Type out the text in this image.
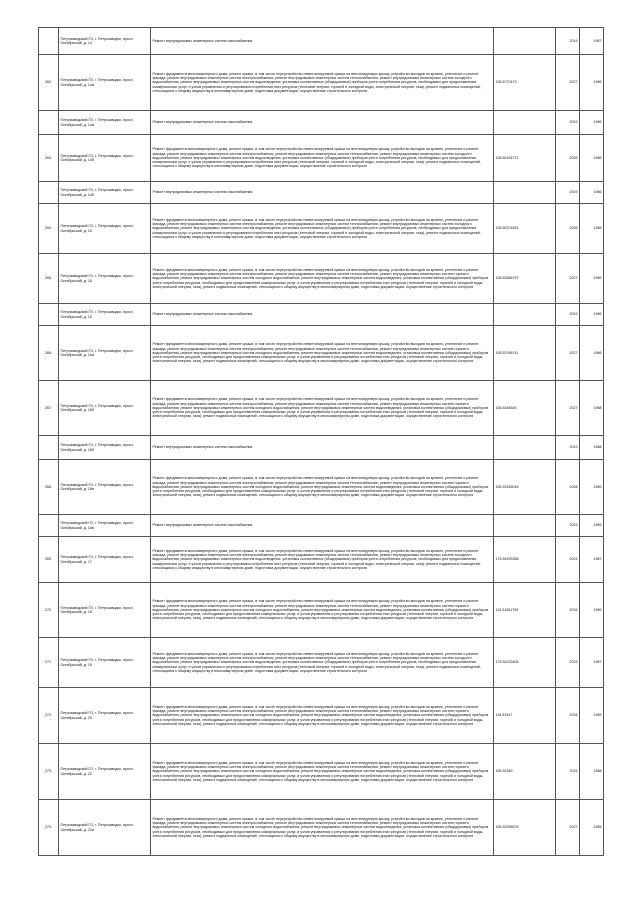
	Петрозаводский ГО, г. Петрозаводск, просп. Октябрьский, д. 14	Ремонт внутридомовых инженерных систем газоснабжения		2019	1987
262.	Петрозаводский ГО, г. Петрозаводск, просп. Октябрьский, д. 14а	Ремонт фундамента многоквартирного дома, ремонт крыши, в том числе переустройство невентилируемой крыши на вентилируемую крышу, устройство выходов на кровлю, утепление и ремонт фасада, ремонт внутридомовых инженерных систем электроснабжения, ремонт внутридомовых инженерных систем теплоснабжения, ремонт внутридомовых инженерных систем холодного водоснабжения, ремонт внутридомовых инженерных систем водоотведения, установка коллективных (общедомовых) приборов учета потребления ресурсов, необходимых для предоставления коммунальных услуг, и узлов управления и регулирования потребления этих ресурсов (тепловой энергии, горячей и холодной воды, электрической энергии, газа), ремонт подвальных помещений, относящихся к общему имуществу в многоквартирном доме, подготовка документации, осуществление строительного контроля	155.5770473	2027	1985
	Петрозаводский ГО, г. Петрозаводск, просп. Октябрьский, д. 14а	Ремонт внутридомовых инженерных систем газоснабжения		2019	1985
263.	Петрозаводский ГО, г. Петрозаводск, просп. Октябрьский, д. 14б	Ремонт фундамента многоквартирного дома, ремонт крыши, в том числе переустройство невентилируемой крыши на вентилируемую крышу, устройство выходов на кровлю, утепление и ремонт фасада, ремонт внутридомовых инженерных систем электроснабжения, ремонт внутридомовых инженерных систем теплоснабжения, ремонт внутридомовых инженерных систем холодного водоснабжения, ремонт внутридомовых инженерных систем водоотведения, установка коллективных (общедомовых) приборов учета потребления ресурсов, необходимых для предоставления коммунальных услуг, и узлов управления и регулирования потребления этих ресурсов (тепловой энергии, горячей и холодной воды, электрической энергии, газа), ремонт подвальных помещений, относящихся к общему имуществу в многоквартирном доме, подготовка документации, осуществление строительного контроля	155.50164737	2026	1986
	Петрозаводский ГО, г. Петрозаводск, просп. Октябрьский, д. 14б	Ремонт внутридомовых инженерных систем газоснабжения		2019	1986
264.	Петрозаводский ГО, г. Петрозаводск, просп. Октябрьский, д. 15	Ремонт фундамента многоквартирного дома, ремонт крыши, в том числе переустройство невентилируемой крыши на вентилируемую крышу, устройство выходов на кровлю, утепление и ремонт фасада, ремонт внутридомовых инженерных систем электроснабжения, ремонт внутридомовых инженерных систем теплоснабжения, ремонт внутридомовых инженерных систем холодного водоснабжения, ремонт внутридомовых инженерных систем водоотведения, установка коллективных (общедомовых) приборов учета потребления ресурсов, необходимых для предоставления коммунальных услуг, и узлов управления и регулирования потребления этих ресурсов (тепловой энергии, горячей и холодной воды, электрической энергии, газа), ремонт подвальных помещений, относящихся к общему имуществу в многоквартирном доме, подготовка документации, осуществление строительного контроля	155.55701651	2026	1988
265.	Петрозаводский ГО, г. Петрозаводск, просп. Октябрьский, д. 15	Ремонт фундамента многоквартирного дома, ремонт крыши, в том числе переустройство невентилируемой крыши на вентилируемую крышу, устройство выходов на кровлю, утепление и ремонт фасада, ремонт внутридомовых инженерных систем электроснабжения, ремонт внутридомовых инженерных систем теплоснабжения, ремонт внутридомовых инженерных систем горячего водоснабжения, ремонт внутридомовых инженерных систем холодного водоснабжения, ремонт внутридомовых инженерных систем водоотведения, установка коллективных (общедомовых) приборов учета потребления ресурсов, необходимых для предоставления коммунальных услуг, и узлов управления и регулирования потребления этих ресурсов (тепловой энергии, горячей и холодной воды, электрической энергии, газа), ремонт подвальных помещений, относящихся к общему имуществу в многоквартирном доме, подготовка документации, осуществление строительного контроля	155.52866757	2027	1985
	Петрозаводский ГО, г. Петрозаводск, просп. Октябрьский, д. 15	Ремонт внутридомовых инженерных систем газоснабжения		2019	1985
266.	Петрозаводский ГО, г. Петрозаводск, просп. Октябрьский, д. 16а	Ремонт фундамента многоквартирного дома, ремонт крыши, в том числе переустройство невентилируемой крыши на вентилируемую крышу, устройство выходов на кровлю, утепление и ремонт фасада, ремонт внутридомовых инженерных систем электроснабжения, ремонт внутридомовых инженерных систем теплоснабжения, ремонт внутридомовых инженерных систем горячего водоснабжения, ремонт внутридомовых инженерных систем холодного водоснабжения, ремонт внутридомовых инженерных систем водоотведения, установка коллективных (общедомовых) приборов учета потребления ресурсов, необходимых для предоставления коммунальных услуг, и узлов управления и регулирования потребления этих ресурсов (тепловой энергии, горячей и холодной воды, электрической энергии, газа), ремонт подвальных помещений, относящихся к общему имуществу в многоквартирном доме, подготовка документации, осуществление строительного контроля	155.52766741	2027	1986
267.	Петрозаводский ГО, г. Петрозаводск, просп. Октябрьский, д. 16б	Ремонт фундамента многоквартирного дома, ремонт крыши, в том числе переустройство невентилируемой крыши на вентилируемую крышу, устройство выходов на кровлю, утепление и ремонт фасада, ремонт внутридомовых инженерных систем электроснабжения, ремонт внутридомовых инженерных систем теплоснабжения, ремонт внутридомовых инженерных систем горячего водоснабжения, ремонт внутридомовых инженерных систем холодного водоснабжения, ремонт внутридомовых инженерных систем водоотведения, установка коллективных (общедомовых) приборов учета потребления ресурсов, необходимых для предоставления коммунальных услуг, и узлов управления и регулирования потребления этих ресурсов (тепловой энергии, горячей и холодной воды, электрической энергии, газа), ремонт подвальных помещений, относящихся к общему имуществу в многоквартирном доме, подготовка документации, осуществление строительного контроля	155.5346545	2027	1988
	Петрозаводский ГО, г. Петрозаводск, просп. Октябрьский, д. 16б	Ремонт внутридомовых инженерных систем газоснабжения		2019	1988
268.	Петрозаводский ГО, г. Петрозаводск, просп. Октябрьский, д. 16в	Ремонт фундамента многоквартирного дома, ремонт крыши, в том числе переустройство невентилируемой крыши на вентилируемую крышу, устройство выходов на кровлю, утепление и ремонт фасада, ремонт внутридомовых инженерных систем электроснабжения, ремонт внутридомовых инженерных систем теплоснабжения, ремонт внутридомовых инженерных систем горячего водоснабжения, ремонт внутридомовых инженерных систем холодного водоснабжения, ремонт внутридомовых инженерных систем водоотведения, установка коллективных (общедомовых) приборов учета потребления ресурсов, необходимых для предоставления коммунальных услуг, и узлов управления и регулирования потребления этих ресурсов (тепловой энергии, горячей и холодной воды, электрической энергии, газа), ремонт подвальных помещений, относящихся к общему имуществу в многоквартирном доме, подготовка документации, осуществление строительного контроля	155.53165016	2028	1989
	Петрозаводский ГО, г. Петрозаводск, просп. Октябрьский, д. 16в	Ремонт внутридомовых инженерных систем газоснабжения		2019	1989
269.	Петрозаводский ГО, г. Петрозаводск, просп. Октябрьский, д. 17	Ремонт фундамента многоквартирного дома, ремонт крыши, в том числе переустройство невентилируемой крыши на вентилируемую крышу, устройство выходов на кровлю, утепление и ремонт фасада, ремонт внутридомовых инженерных систем электроснабжения, ремонт внутридомовых инженерных систем теплоснабжения, ремонт внутридомовых инженерных систем холодного водоснабжения, ремонт внутридомовых инженерных систем водоотведения, установка коллективных (общедомовых) приборов учета потребления ресурсов, необходимых для предоставления коммунальных услуг, и узлов управления и регулирования потребления этих ресурсов (тепловой энергии, горячей и холодной воды, электрической энергии, газа), ремонт подвальных помещений, относящихся к общему имуществу в многоквартирном доме, подготовка документации, осуществление строительного контроля	175.54933358	2021	1987
270.	Петрозаводский ГО, г. Петрозаводск, просп. Октябрьский, д. 18	Ремонт фундамента многоквартирного дома, ремонт крыши, в том числе переустройство невентилируемой крыши на вентилируемую крышу, устройство выходов на кровлю, утепление и ремонт фасада, ремонт внутридомовых инженерных систем электроснабжения, ремонт внутридомовых инженерных систем теплоснабжения, ремонт внутридомовых инженерных систем горячего водоснабжения, ремонт внутридомовых инженерных систем холодного водоснабжения, ремонт внутридомовых инженерных систем водоотведения, установка коллективных (общедомовых) приборов учета потребления ресурсов, необходимых для предоставления коммунальных услуг, и узлов управления и регулирования потребления этих ресурсов (тепловой энергии, горячей и холодной воды, электрической энергии, газа), ремонт подвальных помещений, относящихся к общему имуществу в многоквартирном доме, подготовка документации, осуществление строительного контроля	115.51981709	2034	1989
271.	Петрозаводский ГО, г. Петрозаводск, просп. Октябрьский, д. 19	Ремонт фундамента многоквартирного дома, ремонт крыши, в том числе переустройство невентилируемой крыши на вентилируемую крышу, устройство выходов на кровлю, утепление и ремонт фасада, ремонт внутридомовых инженерных систем электроснабжения, ремонт внутридомовых инженерных систем теплоснабжения, ремонт внутридомовых инженерных систем холодного водоснабжения, ремонт внутридомовых инженерных систем водоотведения, установка коллективных (общедомовых) приборов учета потребления ресурсов, необходимых для предоставления коммунальных услуг, и узлов управления и регулирования потребления этих ресурсов (тепловой энергии, горячей и холодной воды, электрической энергии, газа), ремонт подвальных помещений, относящихся к общему имуществу в многоквартирном доме, подготовка документации, осуществление строительного контроля	175.54233405	2023	1987
272.	Петрозаводский ГО, г. Петрозаводск, просп. Октябрьский, д. 20	Ремонт фундамента многоквартирного дома, ремонт крыши, в том числе переустройство невентилируемой крыши на вентилируемую крышу, устройство выходов на кровлю, утепление и ремонт фасада, ремонт внутридомовых инженерных систем электроснабжения, ремонт внутридомовых инженерных систем теплоснабжения, ремонт внутридомовых инженерных систем горячего водоснабжения, ремонт внутридомовых инженерных систем холодного водоснабжения, ремонт внутридомовых инженерных систем водоотведения, установка коллективных (общедомовых) приборов учета потребления ресурсов, необходимых для предоставления коммунальных услуг, и узлов управления и регулирования потребления этих ресурсов (тепловой энергии, горячей и холодной воды, электрической энергии, газа), ремонт подвальных помещений, относящихся к общему имуществу в многоквартирном доме, подготовка документации, осуществление строительного контроля	115.51947	2034	1989
273.	Петрозаводский ГО, г. Петрозаводск, просп. Октябрьский, д. 22	Ремонт фундамента многоквартирного дома, ремонт крыши, в том числе переустройство невентилируемой крыши на вентилируемую крышу, устройство выходов на кровлю, утепление и ремонт фасада, ремонт внутридомовых инженерных систем электроснабжения, ремонт внутридомовых инженерных систем теплоснабжения, ремонт внутридомовых инженерных систем горячего водоснабжения, ремонт внутридомовых инженерных систем холодного водоснабжения, ремонт внутридомовых инженерных систем водоотведения, установка коллективных (общедомовых) приборов учета потребления ресурсов, необходимых для предоставления коммунальных услуг, и узлов управления и регулирования потребления этих ресурсов (тепловой энергии, горячей и холодной воды, электрической энергии, газа), ремонт подвальных помещений, относящихся к общему имуществу в многоквартирном доме, подготовка документации, осуществление строительного контроля	155.52349	2031	1988
274.	Петрозаводский ГО, г. Петрозаводск, просп. Октябрьский, д. 22а	Ремонт фундамента многоквартирного дома, ремонт крыши, в том числе переустройство невентилируемой крыши на вентилируемую крышу, устройство выходов на кровлю, утепление и ремонт фасада, ремонт внутридомовых инженерных систем электроснабжения, ремонт внутридомовых инженерных систем теплоснабжения, ремонт внутридомовых инженерных систем горячего водоснабжения, ремонт внутридомовых инженерных систем холодного водоснабжения, ремонт внутридомовых инженерных систем водоотведения, установка коллективных (общедомовых) приборов учета потребления ресурсов, необходимых для предоставления коммунальных услуг, и узлов управления и регулирования потребления этих ресурсов (тепловой энергии, горячей и холодной воды, электрической энергии, газа), ремонт подвальных помещений, относящихся к общему имуществу в многоквартирном доме, подготовка документации, осуществление строительного контроля	155.52995078	2027	1985
